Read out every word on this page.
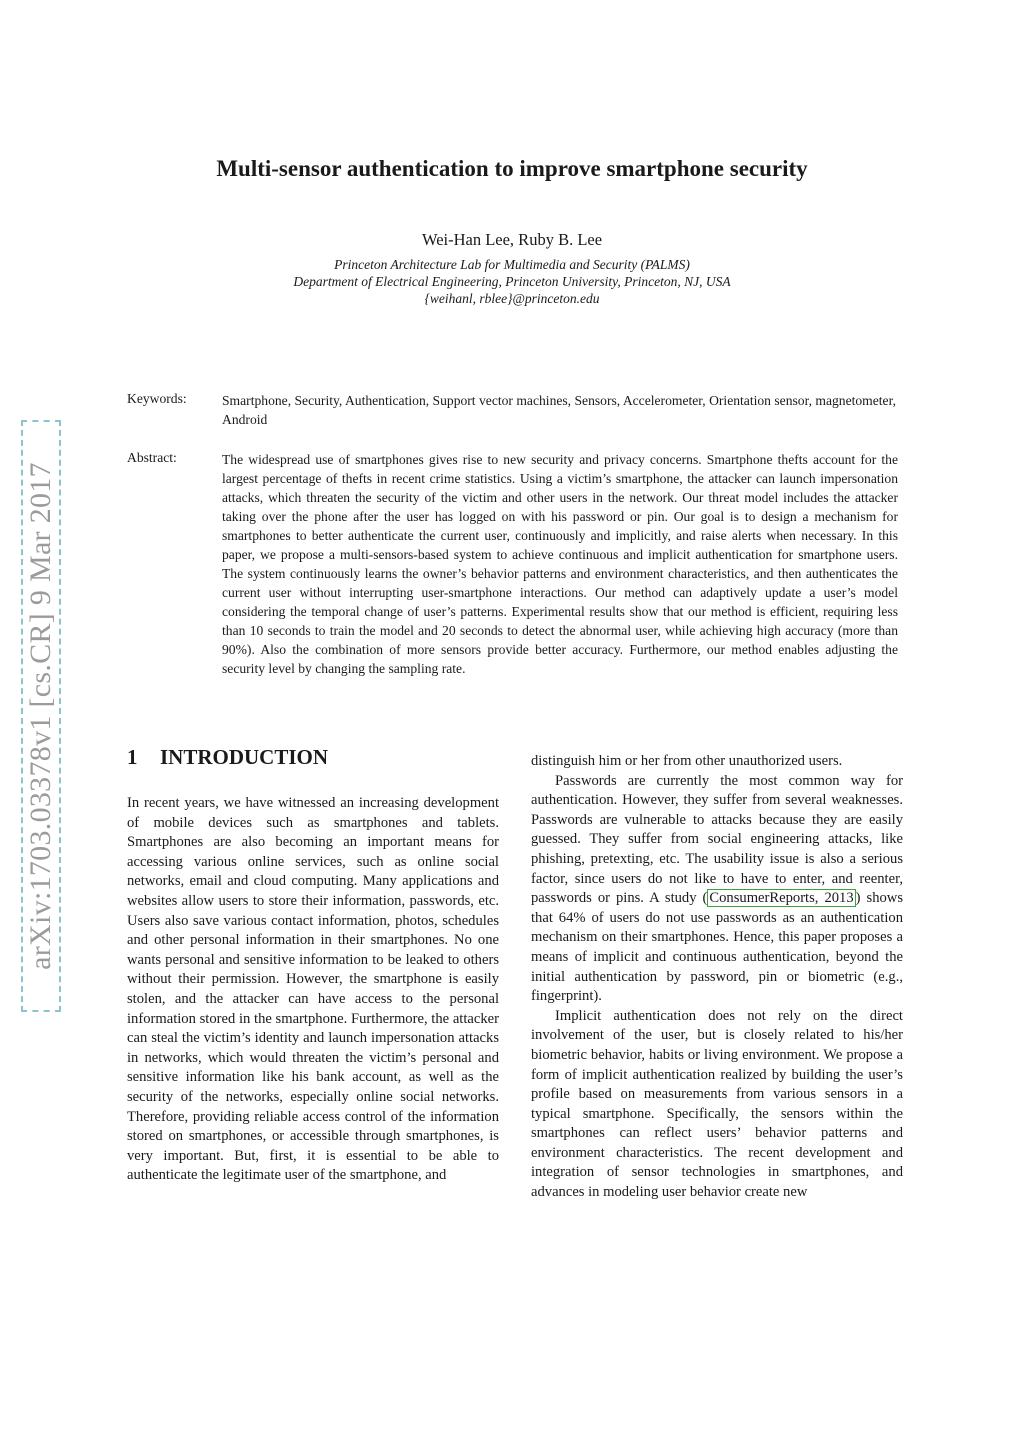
Multi-sensor authentication to improve smartphone security
Wei-Han Lee, Ruby B. Lee
Princeton Architecture Lab for Multimedia and Security (PALMS)
Department of Electrical Engineering, Princeton University, Princeton, NJ, USA
{weihanl, rblee}@princeton.edu
Keywords:	Smartphone, Security, Authentication, Support vector machines, Sensors, Accelerometer, Orientation sensor, magnetometer, Android
Abstract:	The widespread use of smartphones gives rise to new security and privacy concerns. Smartphone thefts account for the largest percentage of thefts in recent crime statistics. Using a victim’s smartphone, the attacker can launch impersonation attacks, which threaten the security of the victim and other users in the network. Our threat model includes the attacker taking over the phone after the user has logged on with his password or pin. Our goal is to design a mechanism for smartphones to better authenticate the current user, continuously and implicitly, and raise alerts when necessary. In this paper, we propose a multi-sensors-based system to achieve continuous and implicit authentication for smartphone users. The system continuously learns the owner’s behavior patterns and environment characteristics, and then authenticates the current user without interrupting user-smartphone interactions. Our method can adaptively update a user’s model considering the temporal change of user’s patterns. Experimental results show that our method is efficient, requiring less than 10 seconds to train the model and 20 seconds to detect the abnormal user, while achieving high accuracy (more than 90%). Also the combination of more sensors provide better accuracy. Furthermore, our method enables adjusting the security level by changing the sampling rate.
arXiv:1703.03378v1 [cs.CR] 9 Mar 2017	1 INTRODUCTION

In recent years, we have witnessed an increasing development of mobile devices such as smartphones and tablets. Smartphones are also becoming an important means for accessing various online services, such as online social networks, email and cloud computing. Many applications and websites allow users to store their information, passwords, etc. Users also save various contact information, photos, schedules and other personal information in their smartphones. No one wants personal and sensitive information to be leaked to others without their permission. However, the smartphone is easily stolen, and the attacker can have access to the personal information stored in the smartphone. Furthermore, the attacker can steal the victim’s identity and launch impersonation attacks in networks, which would threaten the victim’s personal and sensitive information like his bank account, as well as the security of the networks, especially online social networks. Therefore, providing reliable access control of the information stored on smartphones, or accessible through smartphones, is very important. But, first, it is essential to be able to authenticate the legitimate user of the smartphone, and

distinguish him or her from other unauthorized users.

Passwords are currently the most common way for authentication. However, they suffer from several weaknesses. Passwords are vulnerable to attacks because they are easily guessed. They suffer from social engineering attacks, like phishing, pretexting, etc. The usability issue is also a serious factor, since users do not like to have to enter, and reenter, passwords or pins. A study ( ConsumerReports, 2013 ) shows that 64% of users do not use passwords as an authentication mechanism on their smartphones. Hence, this paper proposes a means of implicit and continuous authentication, beyond the initial authentication by password, pin or biometric (e.g., fingerprint).

Implicit authentication does not rely on the direct involvement of the user, but is closely related to his/her biometric behavior, habits or living environment. We propose a form of implicit authentication realized by building the user’s profile based on measurements from various sensors in a typical smartphone. Specifically, the sensors within the smartphones can reflect users’ behavior patterns and environment characteristics. The recent development and integration of sensor technologies in smartphones, and advances in modeling user behavior create new
